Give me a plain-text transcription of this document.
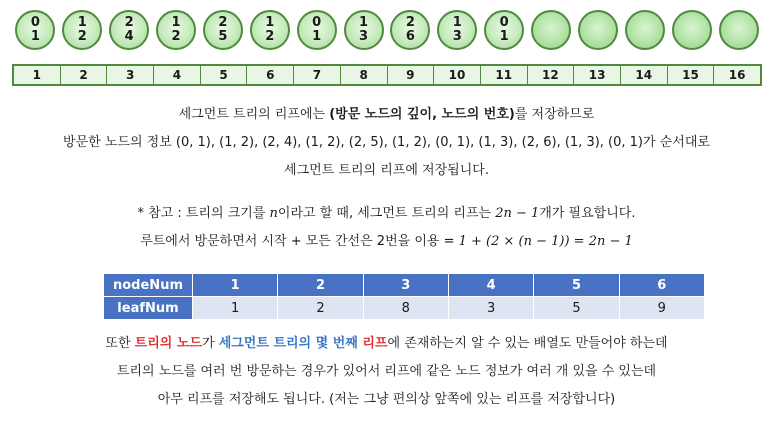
0
1
1
2
2
4
1
2
2
5
1
2
0
1
1
3
2
6
1
3
0
1
1	2	3	4	5	6	7	8	9	10	11	12	13	14	15	16
세그먼트 트리의 리프에는 (방문 노드의 깊이, 노드의 번호)를 저장하므로
방문한 노드의 정보 (0, 1), (1, 2), (2, 4), (1, 2), (2, 5), (1, 2), (0, 1), (1, 3), (2, 6), (1, 3), (0, 1)가 순서대로
세그먼트 트리의 리프에 저장됩니다.
* 참고 : 트리의 크기를 n이라고 할 때, 세그먼트 트리의 리프는 2n − 1개가 필요합니다.
루트에서 방문하면서 시작 + 모든 간선은 2번을 이용 = 1 + (2 × (n − 1)) = 2n − 1
nodeNum	1	2	3	4	5	6
leafNum	1	2	8	3	5	9
또한 트리의 노드가 세그먼트 트리의 몇 번째 리프에 존재하는지 알 수 있는 배열도 만들어야 하는데
트리의 노드를 여러 번 방문하는 경우가 있어서 리프에 같은 노드 정보가 여러 개 있을 수 있는데
아무 리프를 저장해도 됩니다. (저는 그냥 편의상 앞쪽에 있는 리프를 저장합니다)
